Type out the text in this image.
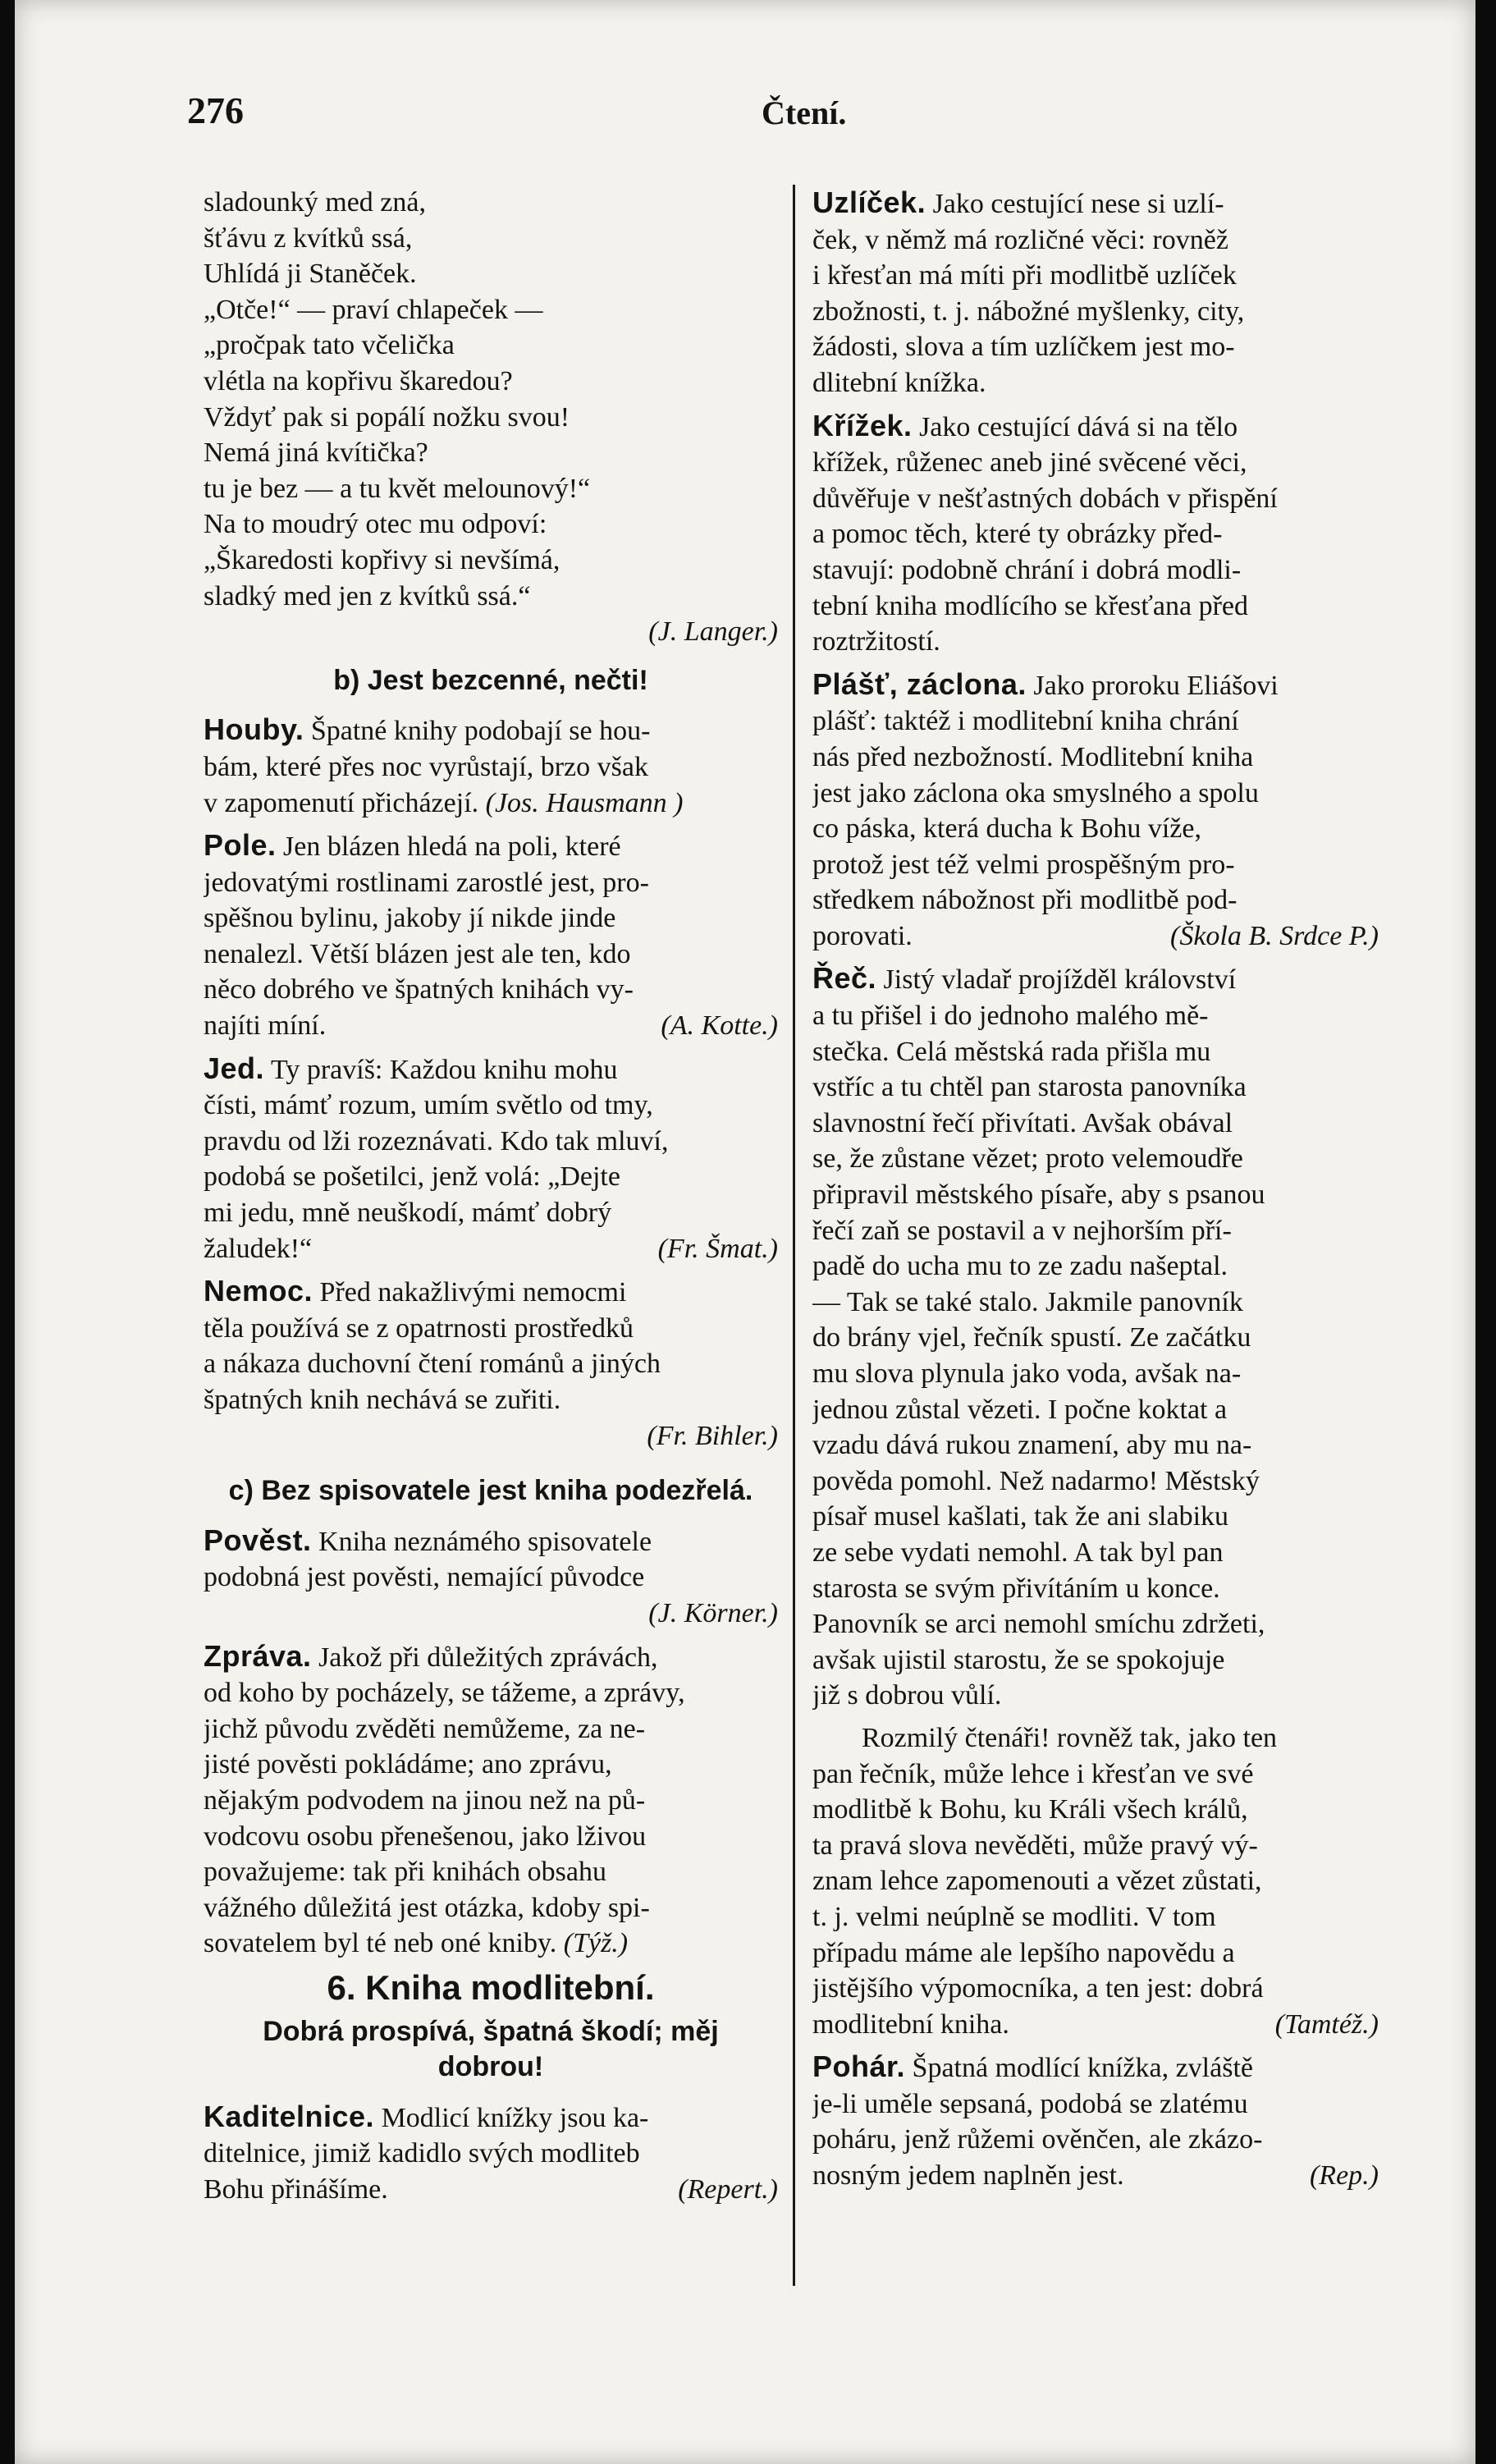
276	Čtení.
sladounký med zná,
šťávu z kvítků ssá,
Uhlídá ji Staněček.
„Otče!“ — praví chlapeček —
„pročpak tato včelička
vlétla na kopřivu škaredou?
Vždyť pak si popálí nožku svou!
Nemá jiná kvítička?
tu je bez — a tu květ melounový!“
Na to moudrý otec mu odpoví:
„Škaredosti kopřivy si nevšímá,
sladký med jen z kvítků ssá.“
(J. Langer.)
b) Jest bezcenné, nečti!
Houby. Špatné knihy podobají se hou-
bám, které přes noc vyrůstají, brzo však
v zapomenutí přicházejí. (Jos. Hausmann )
Pole. Jen blázen hledá na poli, které
jedovatými rostlinami zarostlé jest, pro-
spěšnou bylinu, jakoby jí nikde jinde
nenalezl. Větší blázen jest ale ten, kdo
něco dobrého ve špatných knihách vy-
najíti míní.	(A. Kotte.)
Jed. Ty pravíš: Každou knihu mohu
čísti, mámť rozum, umím světlo od tmy,
pravdu od lži rozeznávati. Kdo tak mluví,
podobá se pošetilci, jenž volá: „Dejte
mi jedu, mně neuškodí, mámť dobrý
žaludek!“	(Fr. Šmat.)
Nemoc. Před nakažlivými nemocmi
těla používá se z opatrnosti prostředků
a nákaza duchovní čtení románů a jiných
špatných knih nechává se zuřiti.
(Fr. Bihler.)
c) Bez spisovatele jest kniha podezřelá.
Pověst. Kniha neznámého spisovatele
podobná jest pověsti, nemající původce
(J. Körner.)
Zpráva. Jakož při důležitých zprávách,
od koho by pocházely, se tážeme, a zprávy,
jichž původu zvěděti nemůžeme, za ne-
jisté pověsti pokládáme; ano zprávu,
nějakým podvodem na jinou než na pů-
vodcovu osobu přenešenou, jako lživou
považujeme: tak při knihách obsahu
vážného důležitá jest otázka, kdoby spi-
sovatelem byl té neb oné kniby. (Týž.)
6. Kniha modlitební.
Dobrá prospívá, špatná škodí; měj
dobrou!
Kaditelnice. Modlicí knížky jsou ka-
ditelnice, jimiž kadidlo svých modliteb
Bohu přinášíme.	(Repert.)
Uzlíček. Jako cestující nese si uzlí-
ček, v němž má rozličné věci: rovněž
i křesťan má míti při modlitbě uzlíček
zbožnosti, t. j. nábožné myšlenky, city,
žádosti, slova a tím uzlíčkem jest mo-
dlitební knížka.
Křížek. Jako cestující dává si na tělo
křížek, růženec aneb jiné svěcené věci,
důvěřuje v nešťastných dobách v přispění
a pomoc těch, které ty obrázky před-
stavují: podobně chrání i dobrá modli-
tební kniha modlícího se křesťana před
roztržitostí.
Plášť, záclona. Jako proroku Eliášovi
plášť: taktéž i modlitební kniha chrání
nás před nezbožností. Modlitební kniha
jest jako záclona oka smyslného a spolu
co páska, která ducha k Bohu víže,
protož jest též velmi prospěšným pro-
středkem nábožnost při modlitbě pod-
porovati.	(Škola B. Srdce P.)
Řeč. Jistý vladař projížděl království
a tu přišel i do jednoho malého mě-
stečka. Celá městská rada přišla mu
vstříc a tu chtěl pan starosta panovníka
slavnostní řečí přivítati. Avšak obával
se, že zůstane vězet; proto velemoudře
připravil městského písaře, aby s psanou
řečí zaň se postavil a v nejhorším pří-
padě do ucha mu to ze zadu našeptal.
— Tak se také stalo. Jakmile panovník
do brány vjel, řečník spustí. Ze začátku
mu slova plynula jako voda, avšak na-
jednou zůstal vězeti. I počne koktat a
vzadu dává rukou znamení, aby mu na-
pověda pomohl. Než nadarmo! Městský
písař musel kašlati, tak že ani slabiku
ze sebe vydati nemohl. A tak byl pan
starosta se svým přivítáním u konce.
Panovník se arci nemohl smíchu zdržeti,
avšak ujistil starostu, že se spokojuje
již s dobrou vůlí.
Rozmilý čtenáři! rovněž tak, jako ten
pan řečník, může lehce i křesťan ve své
modlitbě k Bohu, ku Králi všech králů,
ta pravá slova nevěděti, může pravý vý-
znam lehce zapomenouti a vězet zůstati,
t. j. velmi neúplně se modliti. V tom
případu máme ale lepšího napovědu a
jistějšího výpomocníka, a ten jest: dobrá
modlitební kniha.	(Tamtéž.)
Pohár. Špatná modlící knížka, zvláště
je-li uměle sepsaná, podobá se zlatému
poháru, jenž růžemi ověnčen, ale zkázo-
nosným jedem naplněn jest.	(Rep.)
